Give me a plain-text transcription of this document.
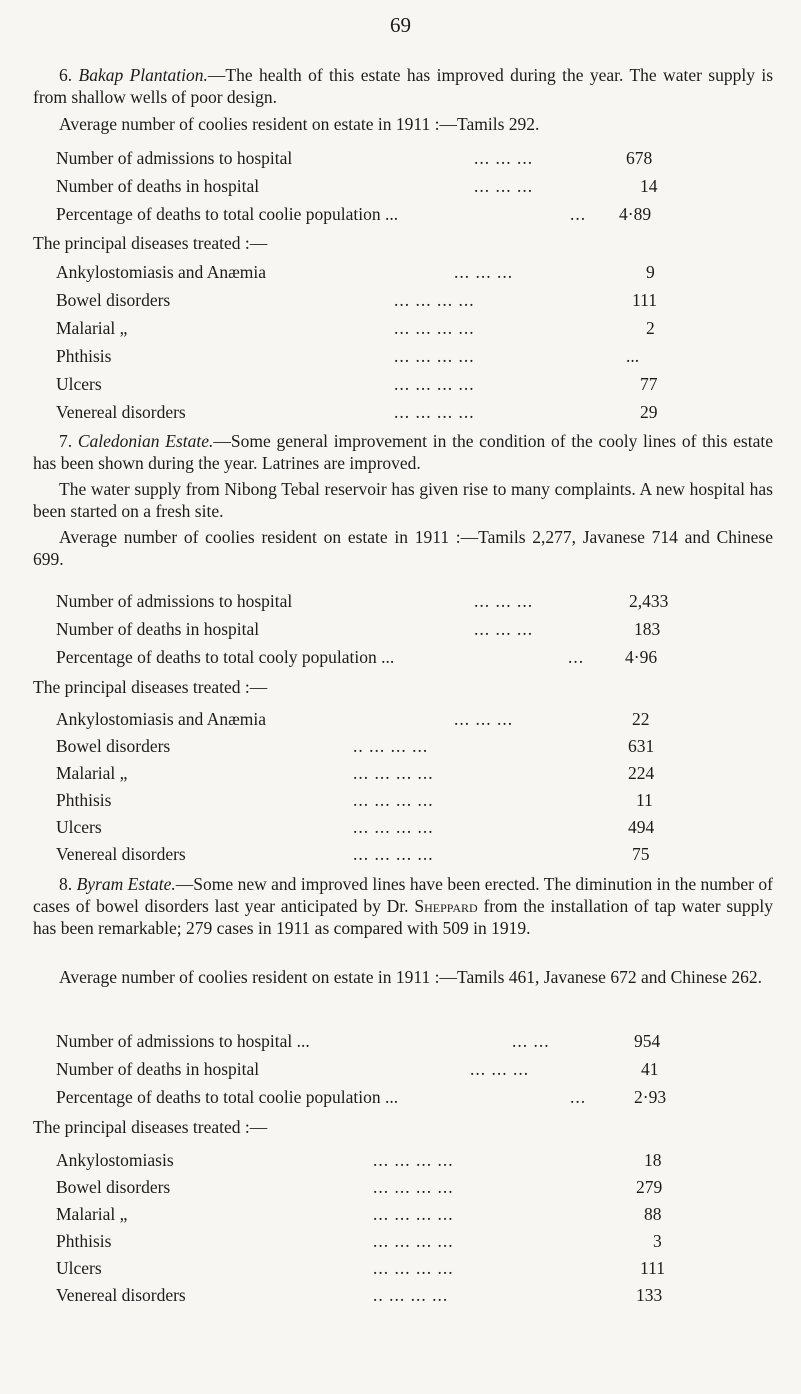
69
6. Bakap Plantation.—The health of this estate has improved during the year. The water supply is from shallow wells of poor design.
Average number of coolies resident on estate in 1911 :—Tamils 292.
Number of admissions to hospital	... ... ...	678
Number of deaths in hospital	... ... ...	14
Percentage of deaths to total coolie population ...	... 4·89
The principal diseases treated :—
Ankylostomiasis and Anæmia	... ... ...	9
Bowel disorders	... ... ... ...	111
Malarial „	... ... ... ...	2
Phthisis	... ... ... ...	...
Ulcers	... ... ... ...	77
Venereal disorders	... ... ... ...	29
7. Caledonian Estate.—Some general improvement in the condition of the cooly lines of this estate has been shown during the year. Latrines are improved.
The water supply from Nibong Tebal reservoir has given rise to many complaints. A new hospital has been started on a fresh site.
Average number of coolies resident on estate in 1911 :—Tamils 2,277, Javanese 714 and Chinese 699.
Number of admissions to hospital	... ... ...	2,433
Number of deaths in hospital	... ... ...	183
Percentage of deaths to total cooly population ...	... 4·96
The principal diseases treated :—
Ankylostomiasis and Anæmia	... ... ...	22
Bowel disorders	.. ... ... ...	631
Malarial „	... ... ... ...	224
Phthisis	... ... ... ...	11
Ulcers	... ... ... ...	494
Venereal disorders	... ... ... ...	75
8. Byram Estate.—Some new and improved lines have been erected. The diminution in the number of cases of bowel disorders last year anticipated by Dr. Sheppard from the installation of tap water supply has been remarkable; 279 cases in 1911 as compared with 509 in 1919.
Average number of coolies resident on estate in 1911 :—Tamils 461, Javanese 672 and Chinese 262.
Number of admissions to hospital ...	... ...	954
Number of deaths in hospital	... ... ...	41
Percentage of deaths to total coolie population ...	...	2·93
The principal diseases treated :—
Ankylostomiasis	... ... ... ...	18
Bowel disorders	... ... ... ...	279
Malarial „	... ... ... ...	88
Phthisis	... ... ... ...	3
Ulcers	... ... ... ...	111
Venereal disorders	.. ... ... ...	133
